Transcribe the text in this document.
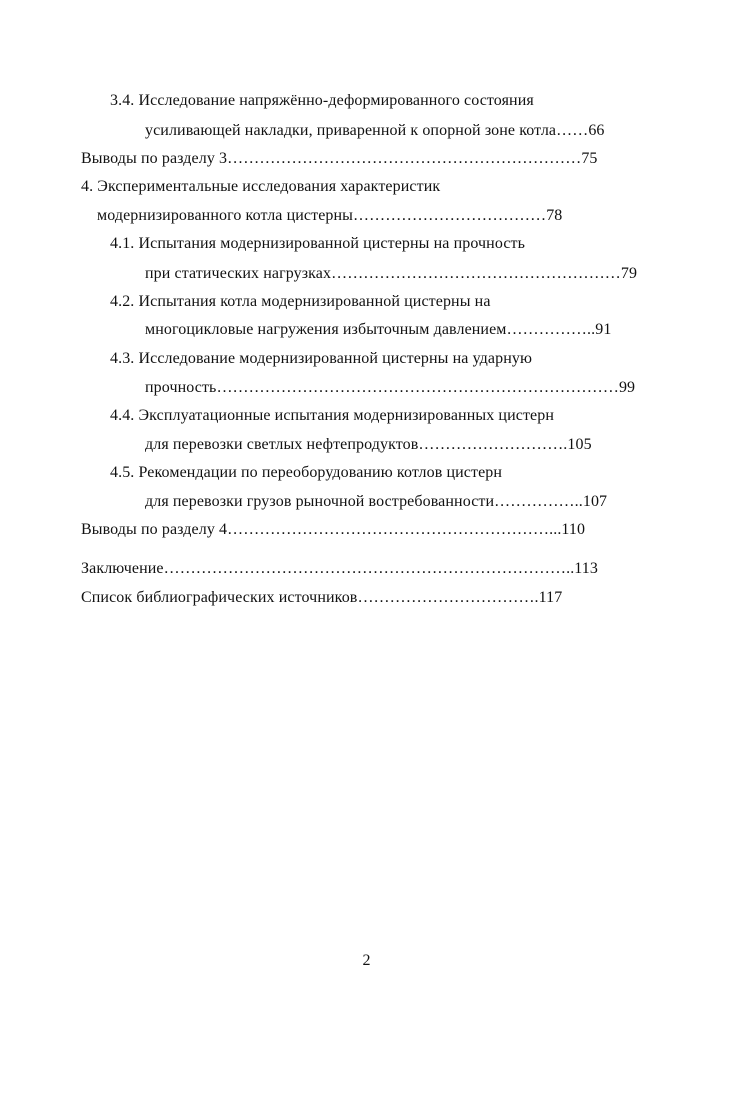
3.4. Исследование напряжённо-деформированного состояния
усиливающей накладки, приваренной к опорной зоне котла……66
Выводы по разделу 3…………………………………………………………75
4. Экспериментальные исследования характеристик
модернизированного котла цистерны………………………………78
4.1. Испытания модернизированной цистерны на прочность
при статических нагрузках………………………………………………79
4.2. Испытания котла модернизированной цистерны на
многоцикловые нагружения избыточным давлением……………..91
4.3. Исследование модернизированной цистерны на ударную
прочность…………………………………………………………………99
4.4. Эксплуатационные испытания модернизированных цистерн
для перевозки светлых нефтепродуктов……………………….105
4.5. Рекомендации по переоборудованию котлов цистерн
для перевозки грузов рыночной востребованности……………..107
Выводы по разделу 4……………………………………………………...110
Заключение…………………………………………………………………..113
Список библиографических источников…………………………….117
2
